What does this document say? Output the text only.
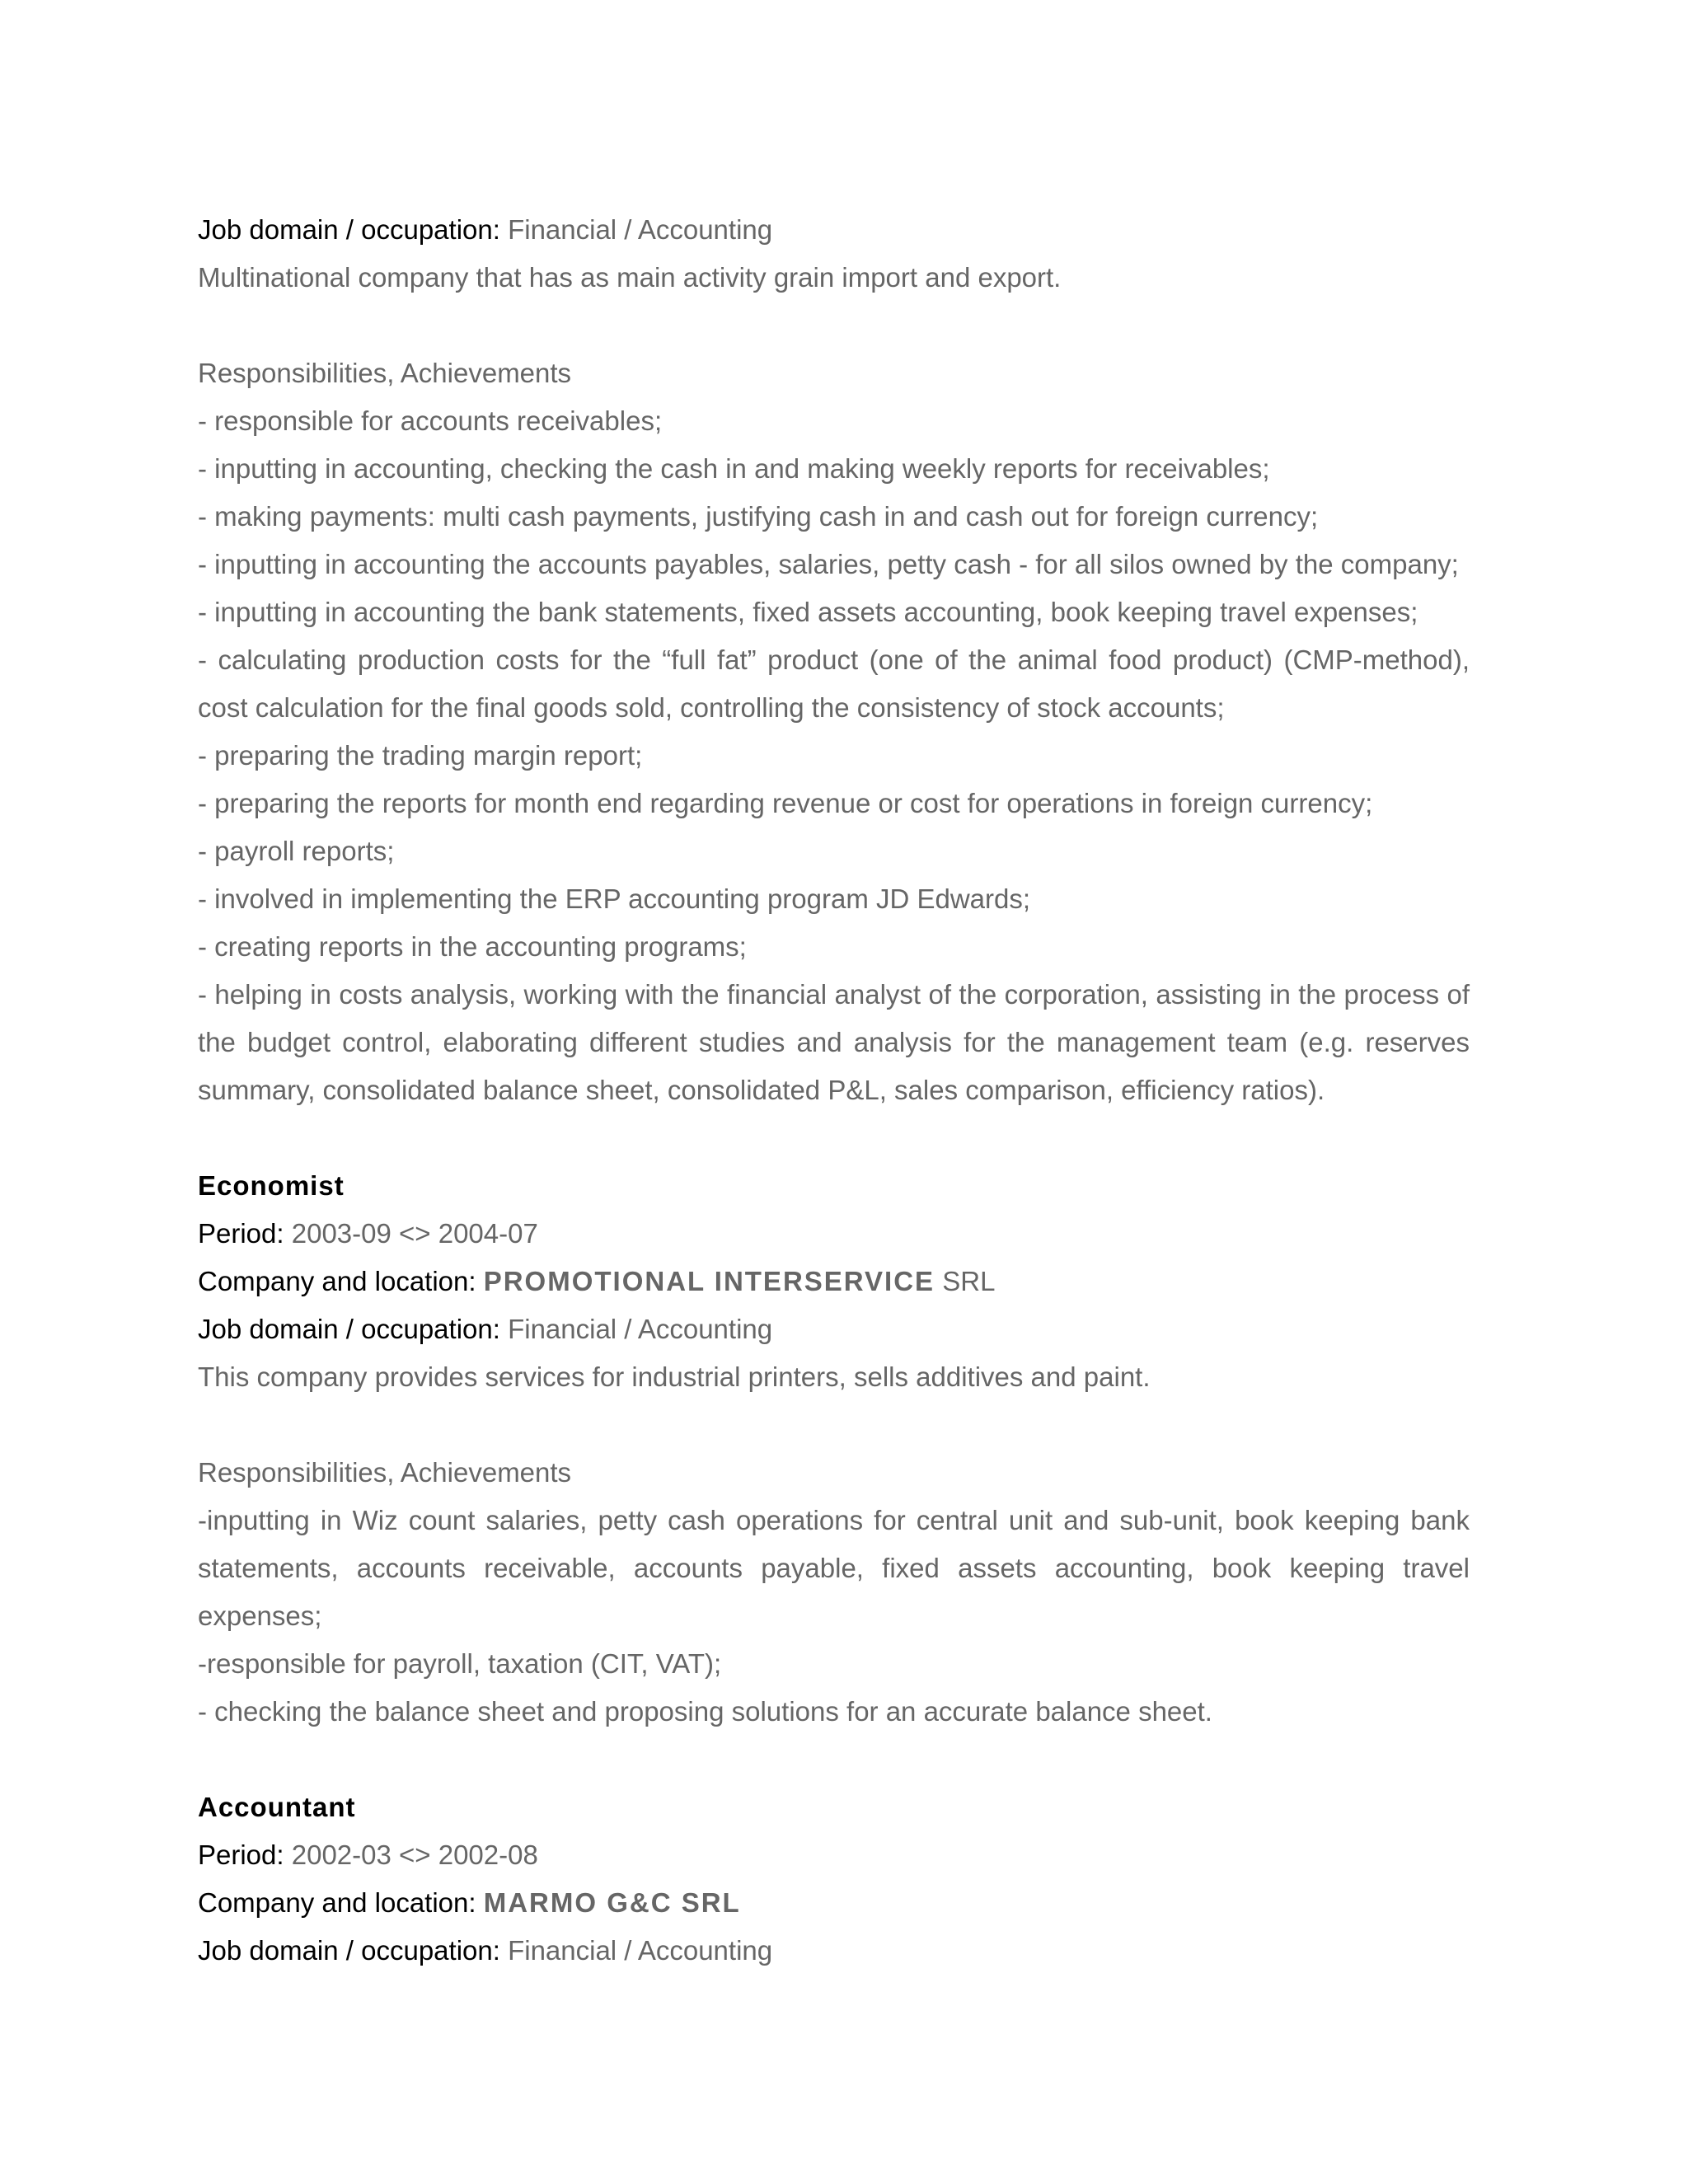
Job domain / occupation: Financial / Accounting

Multinational company that has as main activity grain import and export.

Responsibilities, Achievements

- responsible for accounts receivables;

- inputting in accounting, checking the cash in and making weekly reports for receivables;

- making payments: multi cash payments, justifying cash in and cash out for foreign currency;

- inputting in accounting the accounts payables, salaries, petty cash - for all silos owned by the company;

- inputting in accounting the bank statements, fixed assets accounting, book keeping travel expenses;

- calculating production costs for the “full fat” product (one of the animal food product) (CMP-method), cost calculation for the final goods sold, controlling the consistency of stock accounts;

- preparing the trading margin report;

- preparing the reports for month end regarding revenue or cost for operations in foreign currency;

- payroll reports;

- involved in implementing the ERP accounting program JD Edwards;

- creating reports in the accounting programs;

- helping in costs analysis, working with the financial analyst of the corporation, assisting in the process of the budget control, elaborating different studies and analysis for the management team (e.g. reserves summary, consolidated balance sheet, consolidated P&L, sales comparison, efficiency ratios).

Economist

Period: 2003-09 <> 2004-07

Company and location: PROMOTIONAL INTERSERVICE SRL

Job domain / occupation: Financial / Accounting

This company provides services for industrial printers, sells additives and paint.

Responsibilities, Achievements

-inputting in Wiz count salaries, petty cash operations for central unit and sub-unit, book keeping bank statements, accounts receivable, accounts payable, fixed assets accounting, book keeping travel expenses;

-responsible for payroll, taxation (CIT, VAT);

- checking the balance sheet and proposing solutions for an accurate balance sheet.

Accountant

Period: 2002-03 <> 2002-08

Company and location: MARMO G&C SRL

Job domain / occupation: Financial / Accounting
